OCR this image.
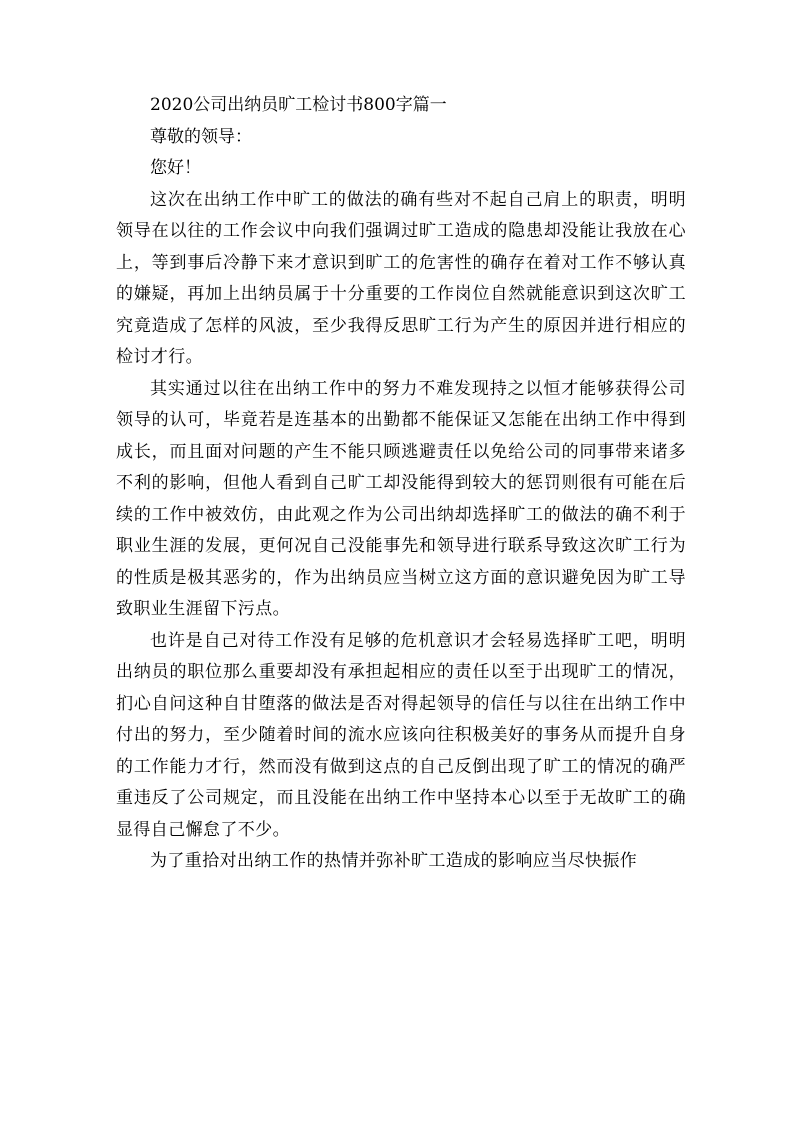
2020公司出纳员旷工检讨书800字篇一

尊敬的领导：

您好！

这次在出纳工作中旷工的做法的确有些对不起自己肩上的职责，明明领导在以往的工作会议中向我们强调过旷工造成的隐患却没能让我放在心上，等到事后冷静下来才意识到旷工的危害性的确存在着对工作不够认真的嫌疑，再加上出纳员属于十分重要的工作岗位自然就能意识到这次旷工究竟造成了怎样的风波，至少我得反思旷工行为产生的原因并进行相应的检讨才行。

其实通过以往在出纳工作中的努力不难发现持之以恒才能够获得公司领导的认可，毕竟若是连基本的出勤都不能保证又怎能在出纳工作中得到成长，而且面对问题的产生不能只顾逃避责任以免给公司的同事带来诸多不利的影响，但他人看到自己旷工却没能得到较大的惩罚则很有可能在后续的工作中被效仿，由此观之作为公司出纳却选择旷工的做法的确不利于职业生涯的发展，更何况自己没能事先和领导进行联系导致这次旷工行为的性质是极其恶劣的，作为出纳员应当树立这方面的意识避免因为旷工导致职业生涯留下污点。

也许是自己对待工作没有足够的危机意识才会轻易选择旷工吧，明明出纳员的职位那么重要却没有承担起相应的责任以至于出现旷工的情况，扪心自问这种自甘堕落的做法是否对得起领导的信任与以往在出纳工作中付出的努力，至少随着时间的流水应该向往积极美好的事务从而提升自身的工作能力才行，然而没有做到这点的自己反倒出现了旷工的情况的确严重违反了公司规定，而且没能在出纳工作中坚持本心以至于无故旷工的确显得自己懈怠了不少。

为了重拾对出纳工作的热情并弥补旷工造成的影响应当尽快振作
